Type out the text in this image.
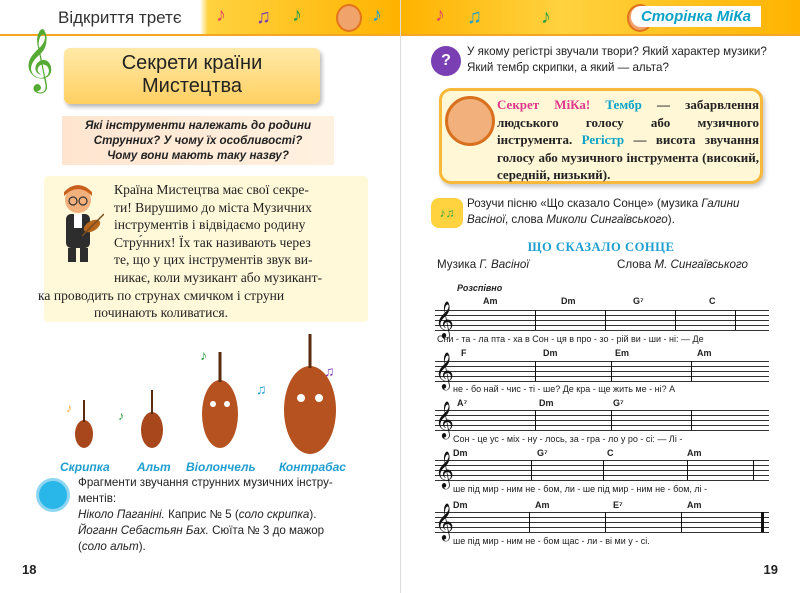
Відкриття третє ♪ ♫ ♪	♪
𝄞	Секрети країни
Мистецтва
Які інструменти належать до родини
Струнних? У чому їх особливості?
Чому вони мають таку назву?
Країна Мистецтва має свої секре-
ти! Вирушимо до міста Музичних
інструментів і відвідаємо родину
Стру́нних! Їх так називають через
те, що у цих інструментів звук ви-
никає, коли музикант або музикант-
ка проводить по струнах смичком і струни
починають коливатися.
♪
♪
♪
♫
♫
Скрипка Альт Віолончель Контрабас
Фрагменти звучання струнних музичних інстру-
ментів:
Ніколо Паганіні. Каприс № 5 (соло скрипка).
Йоганн Себастьян Бах. Сюїта № 3 до мажор
(соло альт).
18
♪ ♫	♪	Сторінка МіКа
?
У якому регістрі звучали твори? Який характер музики? Який тембр скрипки, а який — альта?
Секрет МіКа! Тембр — забарвлення людського голосу або музичного інструмента. Регістр — висота звучання голосу або музичного інструмента (високий, середній, низький).
♪♫
Розучи пісню «Що сказало Сонце» (музика Галини Васіної, слова Миколи Сингаївського).
ЩО СКАЗАЛО СОНЦЕ
Музика Г. Васіної	Слова М. Сингаївського
Розспівно
Am	Dm	G⁷	C
𝄞
Спи - та - ла пта - ха в Сон - ця в про - зо - рій ви - ши - ні: — Де
F	Dm	Em	Am
𝄞 не - бо най - чис - ті - ше? Де кра - ще жить ме - ні? А
A⁷	Dm	G⁷
𝄞
Сон - це ус - міх - ну - лось, за - гра - ло у ро - сі: — Лі -
Dm	G⁷	C	Am
𝄞
ше під мир - ним не - бом, ли - ше під мир - ним не - бом, лі -
Dm	Am	E⁷	Am
𝄞
ше під мир - ним не - бом щас - ли - ві ми у - сі.
19
